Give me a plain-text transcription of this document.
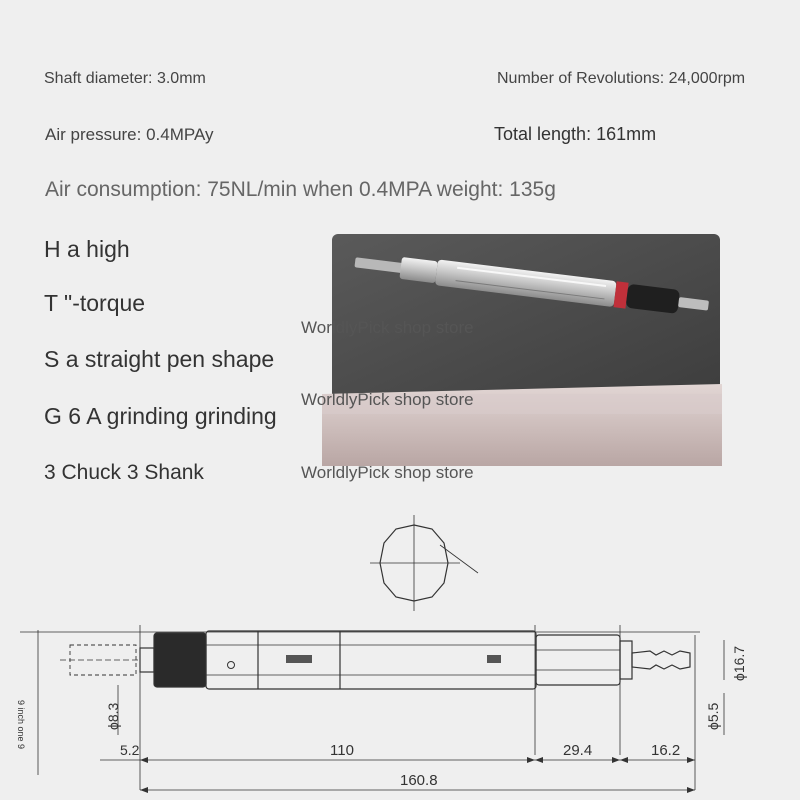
Shaft diameter: 3.0mm	Number of Revolutions: 24,000rpm
Air pressure: 0.4MPAy	Total length: 161mm
Air consumption: 75NL/min when 0.4MPA weight: 135g
H a high
T "-torque
S a straight pen shape
G 6 A grinding grinding
3 Chuck 3 Shank
WorldlyPick shop store
WorldlyPick shop store
WorldlyPick shop store
5.2	110	29.4	16.2
160.8
ϕ8.3
ϕ16.7
ϕ5.5
9 inch one 9
